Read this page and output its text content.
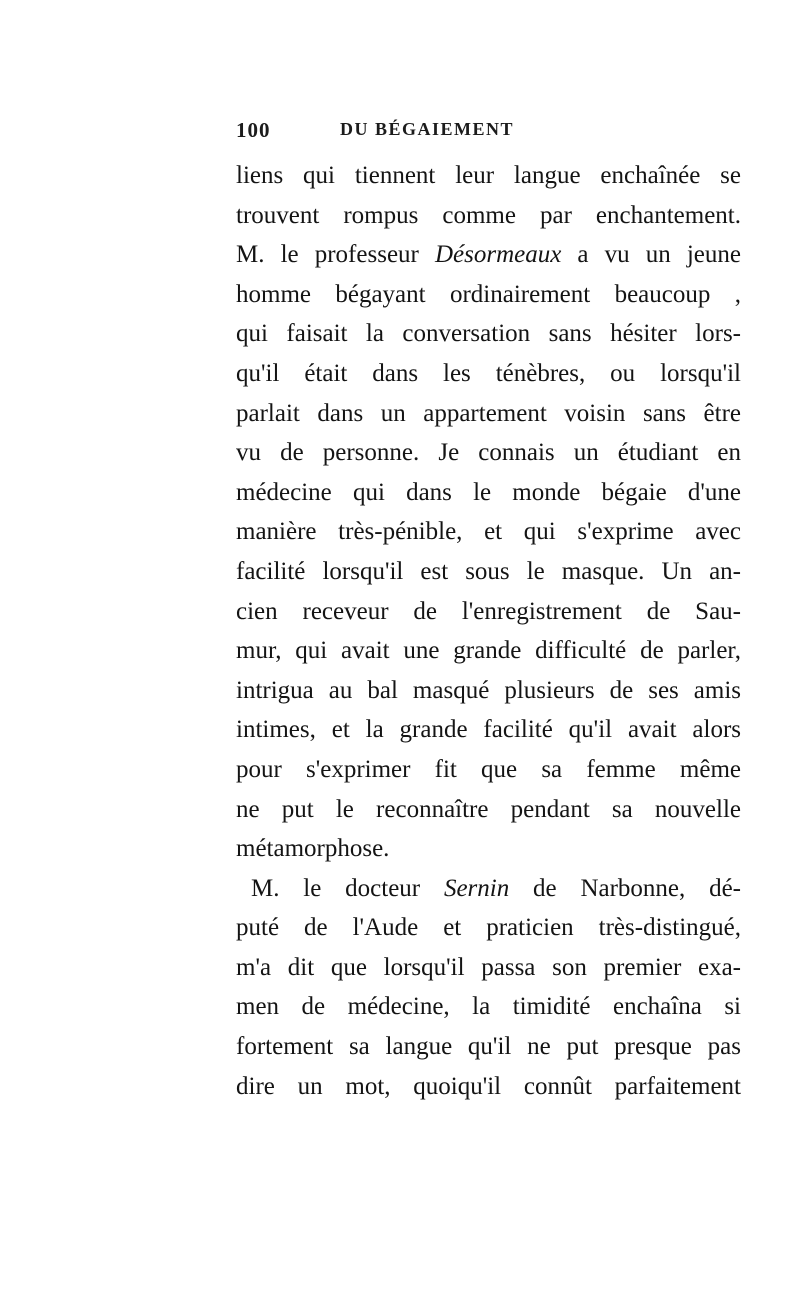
100	DU BÉGAIEMENT
liens qui tiennent leur langue enchaînée se
trouvent rompus comme par enchantement.
M. le professeur Désormeaux a vu un jeune
homme bégayant ordinairement beaucoup ,
qui faisait la conversation sans hésiter lors-
qu'il était dans les ténèbres, ou lorsqu'il
parlait dans un appartement voisin sans être
vu de personne. Je connais un étudiant en
médecine qui dans le monde bégaie d'une
manière très-pénible, et qui s'exprime avec
facilité lorsqu'il est sous le masque. Un an-
cien receveur de l'enregistrement de Sau-
mur, qui avait une grande difficulté de parler,
intrigua au bal masqué plusieurs de ses amis
intimes, et la grande facilité qu'il avait alors
pour s'exprimer fit que sa femme même
ne put le reconnaître pendant sa nouvelle
métamorphose.
M. le docteur Sernin de Narbonne, dé-
puté de l'Aude et praticien très-distingué,
m'a dit que lorsqu'il passa son premier exa-
men de médecine, la timidité enchaîna si
fortement sa langue qu'il ne put presque pas
dire un mot, quoiqu'il connût parfaitement
